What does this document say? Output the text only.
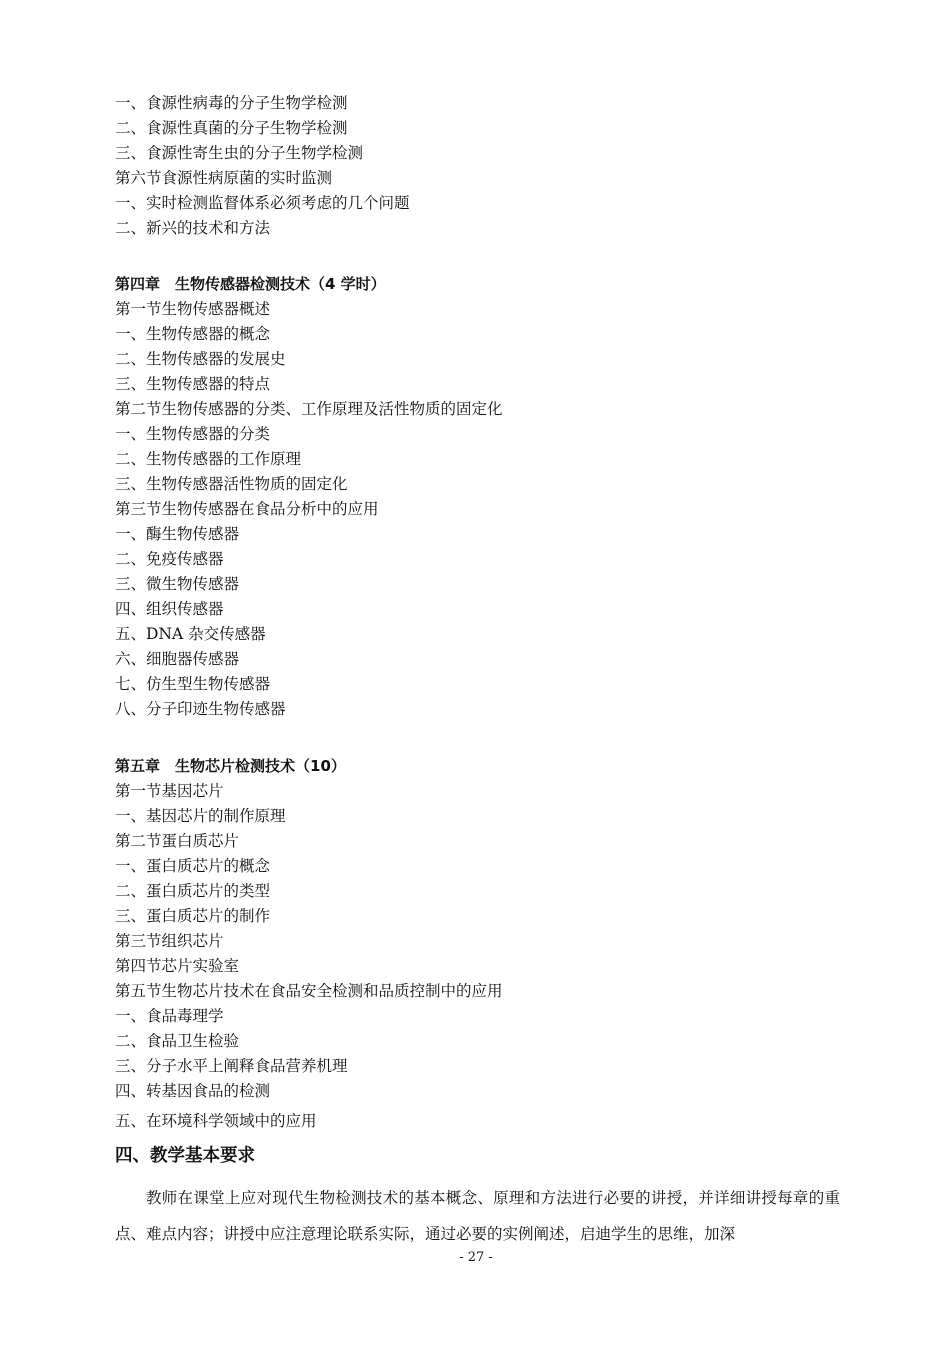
一、食源性病毒的分子生物学检测
二、食源性真菌的分子生物学检测
三、食源性寄生虫的分子生物学检测
第六节食源性病原菌的实时监测
一、实时检测监督体系必须考虑的几个问题
二、新兴的技术和方法
第四章　生物传感器检测技术（4 学时）
第一节生物传感器概述
一、生物传感器的概念
二、生物传感器的发展史
三、生物传感器的特点
第二节生物传感器的分类、工作原理及活性物质的固定化
一、生物传感器的分类
二、生物传感器的工作原理
三、生物传感器活性物质的固定化
第三节生物传感器在食品分析中的应用
一、酶生物传感器
二、免疫传感器
三、微生物传感器
四、组织传感器
五、DNA 杂交传感器
六、细胞器传感器
七、仿生型生物传感器
八、分子印迹生物传感器
第五章　生物芯片检测技术（10）
第一节基因芯片
一、基因芯片的制作原理
第二节蛋白质芯片
一、蛋白质芯片的概念
二、蛋白质芯片的类型
三、蛋白质芯片的制作
第三节组织芯片
第四节芯片实验室
第五节生物芯片技术在食品安全检测和品质控制中的应用
一、食品毒理学
二、食品卫生检验
三、分子水平上阐释食品营养机理
四、转基因食品的检测
五、在环境科学领域中的应用
四、教学基本要求
教师在课堂上应对现代生物检测技术的基本概念、原理和方法进行必要的讲授，并详细讲授每章的重点、难点内容；讲授中应注意理论联系实际，通过必要的实例阐述，启迪学生的思维，加深
- 27 -
